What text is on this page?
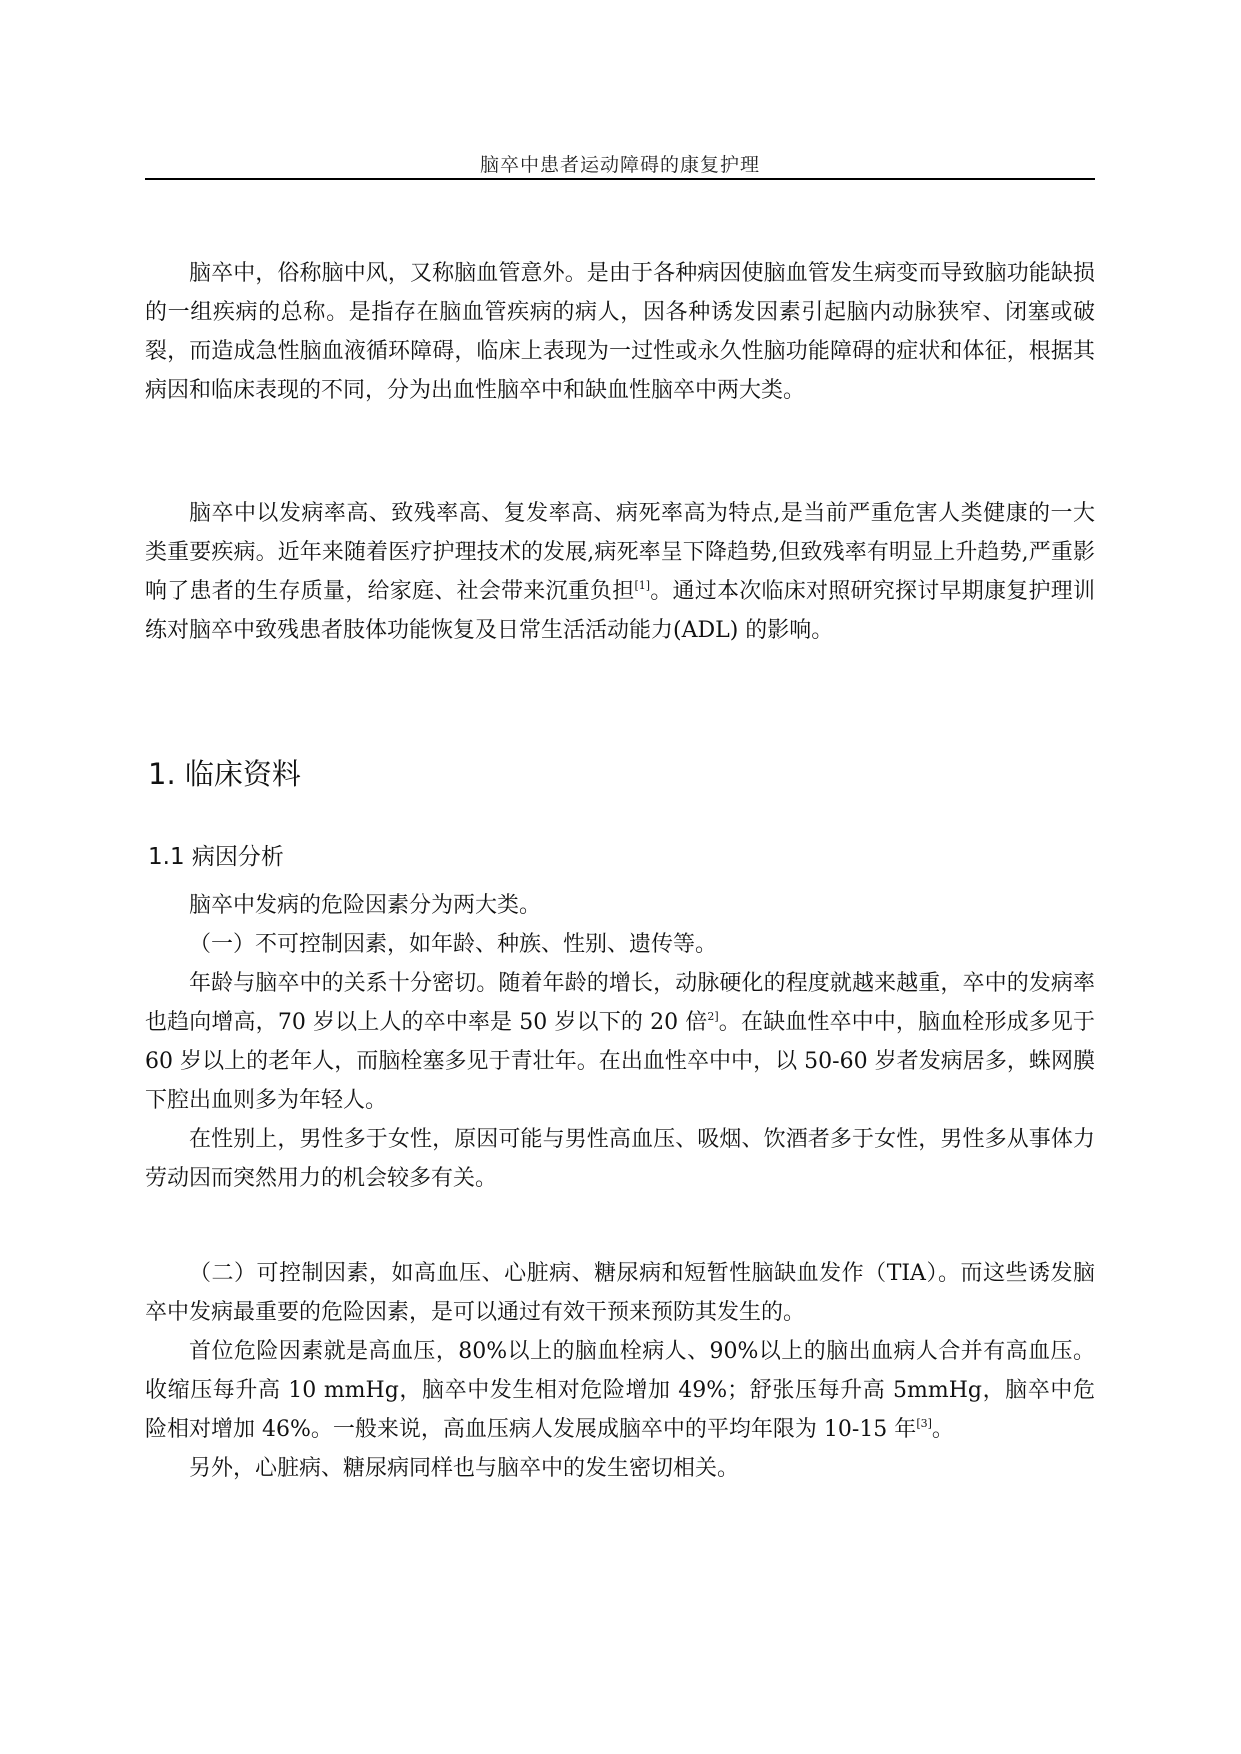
脑卒中患者运动障碍的康复护理

脑卒中，俗称脑中风，又称脑血管意外。是由于各种病因使脑血管发生病变而导致脑功能缺损的一组疾病的总称。是指存在脑血管疾病的病人，因各种诱发因素引起脑内动脉狭窄、闭塞或破裂，而造成急性脑血液循环障碍，临床上表现为一过性或永久性脑功能障碍的症状和体征，根据其病因和临床表现的不同，分为出血性脑卒中和缺血性脑卒中两大类。

脑卒中以发病率高、致残率高、复发率高、病死率高为特点,是当前严重危害人类健康的一大类重要疾病。近年来随着医疗护理技术的发展,病死率呈下降趋势,但致残率有明显上升趋势,严重影响了患者的生存质量，给家庭、社会带来沉重负担[1]。通过本次临床对照研究探讨早期康复护理训练对脑卒中致残患者肢体功能恢复及日常生活活动能力(ADL) 的影响。

1. 临床资料
1.1 病因分析

脑卒中发病的危险因素分为两大类。

（一）不可控制因素，如年龄、种族、性别、遗传等。

年龄与脑卒中的关系十分密切。随着年龄的增长，动脉硬化的程度就越来越重，卒中的发病率也趋向增高，70 岁以上人的卒中率是 50 岁以下的 20 倍$^{2]}$。在缺血性卒中中，脑血栓形成多见于 60 岁以上的老年人，而脑栓塞多见于青壮年。在出血性卒中中，以 50-60 岁者发病居多，蛛网膜下腔出血则多为年轻人。

在性别上，男性多于女性，原因可能与男性高血压、吸烟、饮酒者多于女性，男性多从事体力劳动因而突然用力的机会较多有关。

（二）可控制因素，如高血压、心脏病、糖尿病和短暂性脑缺血发作（TIA）。而这些诱发脑卒中发病最重要的危险因素，是可以通过有效干预来预防其发生的。

首位危险因素就是高血压，80%以上的脑血栓病人、90%以上的脑出血病人合并有高血压。收缩压每升高 10 mmHg，脑卒中发生相对危险增加 49%；舒张压每升高 5mmHg，脑卒中危险相对增加 46%。一般来说，高血压病人发展成脑卒中的平均年限为 10-15 年[3]。

另外，心脏病、糖尿病同样也与脑卒中的发生密切相关。
